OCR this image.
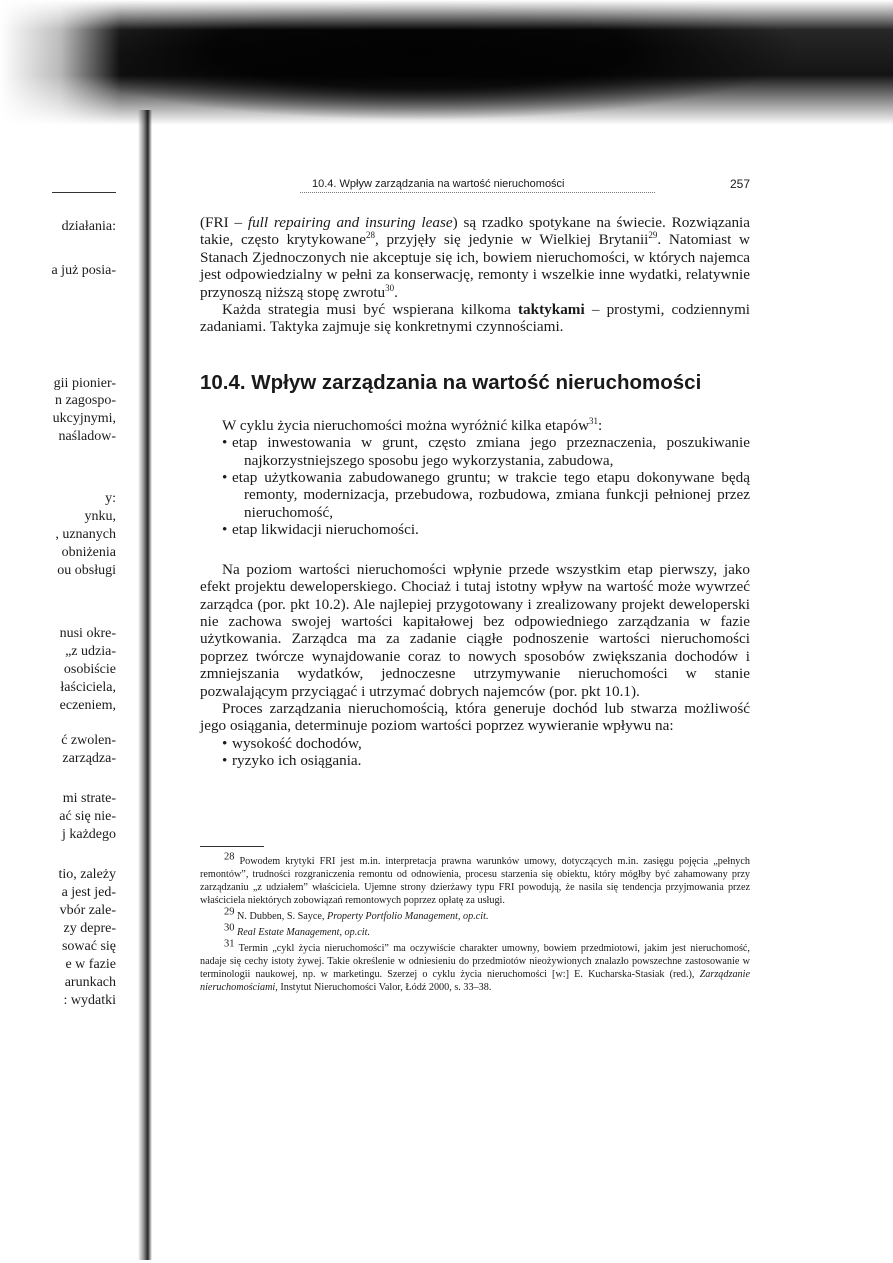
działania:
a już posia-
gii pionier-
n zagospo-
ukcyjnymi,
naśladow-
y:
ynku,
, uznanych
obniżenia
ou obsługi
nusi okre-
„z udzia-
osobiście
łaściciela,
eczeniem,
ć zwolen-
zarządza-
mi strate-
ać się nie-
j każdego
tio, zależy
a jest jed-
vbór zale-
zy depre-
sować się
e w fazie
arunkach
: wydatki
10.4. Wpływ zarządzania na wartość nieruchomości	257

(FRI – full repairing and insuring lease) są rzadko spotykane na świecie. Rozwiązania takie, często krytykowane$^{28}$, przyjęły się jedynie w Wielkiej Brytanii$^{29}$. Natomiast w Stanach Zjednoczonych nie akceptuje się ich, bowiem nieruchomości, w których najemca jest odpowiedzialny w pełni za konserwację, remonty i wszelkie inne wydatki, relatywnie przynoszą niższą stopę zwrotu$^{30}$.

Każda strategia musi być wspierana kilkoma taktykami – prostymi, codziennymi zadaniami. Taktyka zajmuje się konkretnymi czynnościami.

10.4. Wpływ zarządzania na wartość nieruchomości

W cyklu życia nieruchomości można wyróżnić kilka etapów$^{31}$:

• etap inwestowania w grunt, często zmiana jego przeznaczenia, poszukiwanie najkorzystniejszego sposobu jego wykorzystania, zabudowa,

• etap użytkowania zabudowanego gruntu; w trakcie tego etapu dokonywane będą remonty, modernizacja, przebudowa, rozbudowa, zmiana funkcji pełnionej przez nieruchomość,

• etap likwidacji nieruchomości.

Na poziom wartości nieruchomości wpłynie przede wszystkim etap pierwszy, jako efekt projektu deweloperskiego. Chociaż i tutaj istotny wpływ na wartość może wywrzeć zarządca (por. pkt 10.2). Ale najlepiej przygotowany i zrealizowany projekt deweloperski nie zachowa swojej wartości kapitałowej bez odpowiedniego zarządzania w fazie użytkowania. Zarządca ma za zadanie ciągłe podnoszenie wartości nieruchomości poprzez twórcze wynajdowanie coraz to nowych sposobów zwiększania dochodów i zmniejszania wydatków, jednoczesne utrzymywanie nieruchomości w stanie pozwalającym przyciągać i utrzymać dobrych najemców (por. pkt 10.1).

Proces zarządzania nieruchomością, która generuje dochód lub stwarza możliwość jego osiągania, determinuje poziom wartości poprzez wywieranie wpływu na:

• wysokość dochodów,

• ryzyko ich osiągania.

$^{28}$ Powodem krytyki FRI jest m.in. interpretacja prawna warunków umowy, dotyczących m.in. zasięgu pojęcia „pełnych remontów”, trudności rozgraniczenia remontu od odnowienia, procesu starzenia się obiektu, który mógłby być zahamowany przy zarządzaniu „z udziałem” właściciela. Ujemne strony dzierżawy typu FRI powodują, że nasila się tendencja przyjmowania przez właściciela niektórych zobowiązań remontowych poprzez opłatę za usługi.

$^{29}$ N. Dubben, S. Sayce, Property Portfolio Management, op.cit.

$^{30}$ Real Estate Management, op.cit.

$^{31}$ Termin „cykl życia nieruchomości” ma oczywiście charakter umowny, bowiem przedmiotowi, jakim jest nieruchomość, nadaje się cechy istoty żywej. Takie określenie w odniesieniu do przedmiotów nieożywionych znalazło powszechne zastosowanie w terminologii naukowej, np. w marketingu. Szerzej o cyklu życia nieruchomości [w:] E. Kucharska-Stasiak (red.), Zarządzanie nieruchomościami, Instytut Nieruchomości Valor, Łódź 2000, s. 33–38.
